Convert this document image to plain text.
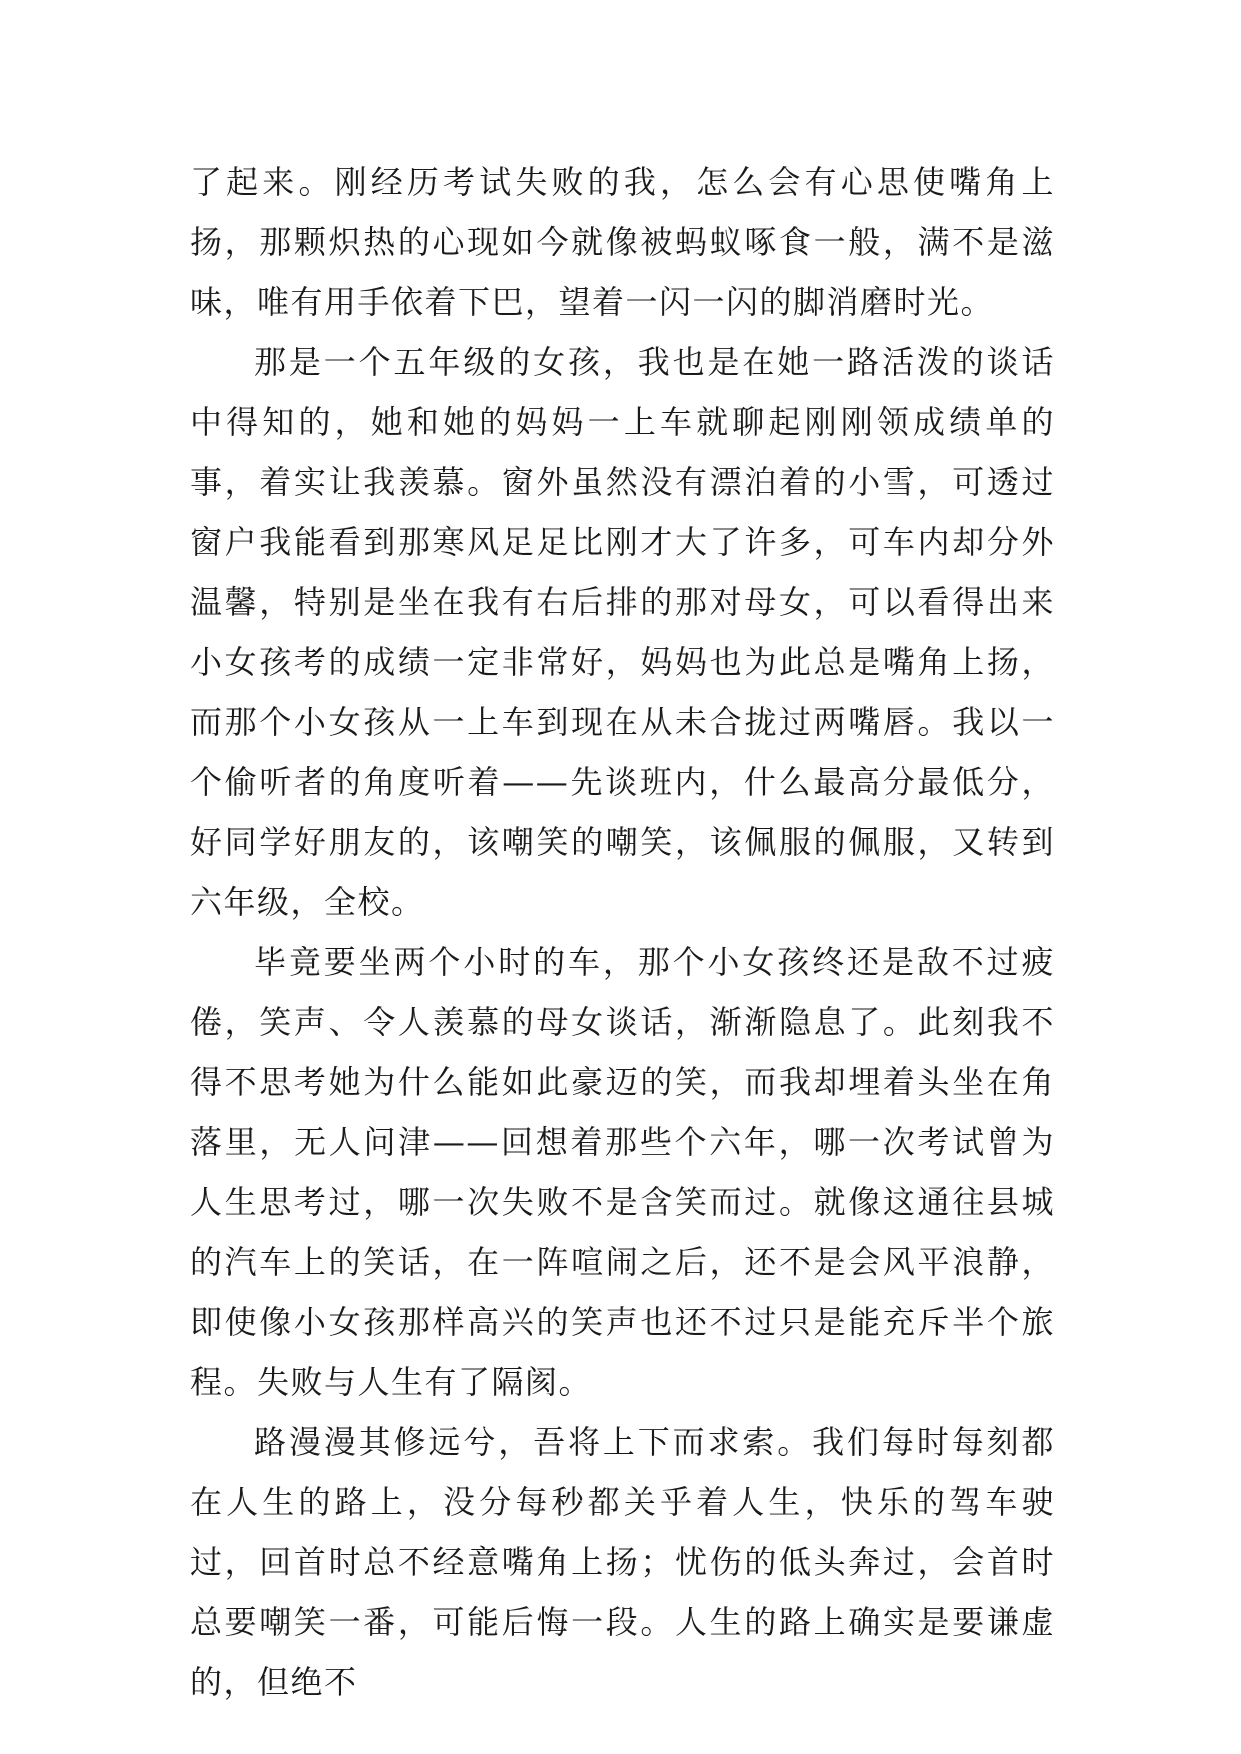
了起来。刚经历考试失败的我，怎么会有心思使嘴角上扬，那颗炽热的心现如今就像被蚂蚁啄食一般，满不是滋味，唯有用手依着下巴，望着一闪一闪的脚消磨时光。

那是一个五年级的女孩，我也是在她一路活泼的谈话中得知的，她和她的妈妈一上车就聊起刚刚领成绩单的事，着实让我羡慕。窗外虽然没有漂泊着的小雪，可透过窗户我能看到那寒风足足比刚才大了许多，可车内却分外温馨，特别是坐在我有右后排的那对母女，可以看得出来小女孩考的成绩一定非常好，妈妈也为此总是嘴角上扬，而那个小女孩从一上车到现在从未合拢过两嘴唇。我以一个偷听者的角度听着——先谈班内，什么最高分最低分，好同学好朋友的，该嘲笑的嘲笑，该佩服的佩服，又转到六年级，全校。

毕竟要坐两个小时的车，那个小女孩终还是敌不过疲倦，笑声、令人羡慕的母女谈话，渐渐隐息了。此刻我不得不思考她为什么能如此豪迈的笑，而我却埋着头坐在角落里，无人问津——回想着那些个六年，哪一次考试曾为人生思考过，哪一次失败不是含笑而过。就像这通往县城的汽车上的笑话，在一阵喧闹之后，还不是会风平浪静，即使像小女孩那样高兴的笑声也还不过只是能充斥半个旅程。失败与人生有了隔阂。

路漫漫其修远兮，吾将上下而求索。我们每时每刻都在人生的路上，没分每秒都关乎着人生，快乐的驾车驶过，回首时总不经意嘴角上扬；忧伤的低头奔过，会首时总要嘲笑一番，可能后悔一段。人生的路上确实是要谦虚的，但绝不
